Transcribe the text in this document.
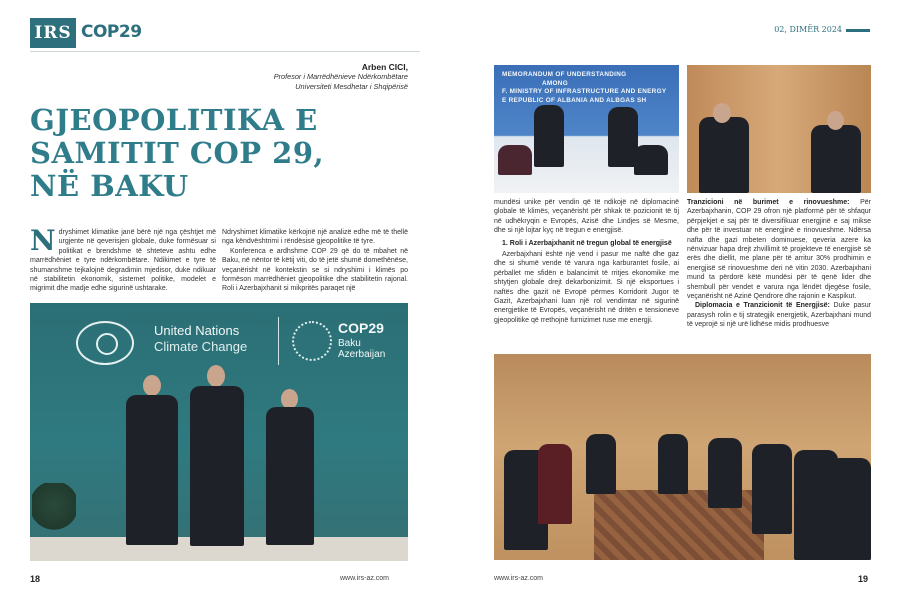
IRS COP29
Arben CICI,
Profesor i Marrëdhënieve Ndërkombëtare
Universiteti Mesdhetar i Shqipërisë
GJEOPOLITIKA E
SAMITIT COP 29,
NË BAKU

Ndryshimet klimatike janë bërë një nga çështjet më urgjente në qeverisjen globale, duke formësuar si politikat e brendshme të shteteve ashtu edhe marrëdhëniet e tyre ndërkombëtare. Ndikimet e tyre të shumanshme tejkalojnë degradimin mjedisor, duke ndikuar në stabilitetin ekonomik, sistemet politike, modelet e migrimit dhe madje edhe sigurinë ushtarake.

Ndryshimet klimatike kërkojnë një analizë edhe më të thellë nga këndvështrimi i rëndësisë gjeopolitike të tyre.

Konferenca e ardhshme COP 29 që do të mbahet në Baku, në nëntor të këtij viti, do të jetë shumë domethënëse, veçanërisht në kontekstin se si ndryshimi i klimës po formëson marrëdhëniet gjeopolitike dhe stabilitetin rajonal. Roli i Azerbajxhanit si mikpritës paraqet një

United Nations
Climate Change
COP29
Baku
Azerbaijan
18	www.irs-az.com
02, DIMËR 2024
MEMORANDUM OF UNDERSTANDING
AMONG
F. MINISTRY OF INFRASTRUCTURE AND ENERGY
E REPUBLIC OF ALBANIA AND ALBGAS SH

mundësi unike për vendin që të ndikojë në diplomacinë globale të klimës, veçanërisht për shkak të pozicionit të tij në udhëkryqin e Evropës, Azisë dhe Lindjes së Mesme, dhe si një lojtar kyç në tregun e energjisë.

1. Roli i Azerbajxhanit në tregun global të energjisë

Azerbajxhani është një vend i pasur me naftë dhe gaz dhe si shumë vende të varura nga karburantet fosile, ai përballet me sfidën e balancimit të rritjes ekonomike me shtytjen globale drejt dekarbonizimit. Si një eksportues i naftës dhe gazit në Evropë përmes Korridorit Jugor të Gazit, Azerbajxhani luan një rol vendimtar në sigurinë energjetike të Evropës, veçanërisht në dritën e tensioneve gjeopolitike që rrethojnë furnizimet ruse me energji.

Tranzicioni në burimet e rinovueshme: Për Azerbajxhanin, COP 29 ofron një platformë për të shfaqur përpjekjet e saj për të diversifikuar energjinë e saj mikse dhe për të investuar në energjinë e rinovueshme. Ndërsa nafta dhe gazi mbeten dominuese, qeveria azere ka nënvizuar hapa drejt zhvillimit të projekteve të energjisë së erës dhe diellit, me plane për të arritur 30% prodhimin e energjisë së rinovueshme deri në vitin 2030. Azerbajxhani mund ta përdorë këtë mundësi për të qenë lider dhe shembull për vendet e varura nga lëndët djegëse fosile, veçanërisht në Azinë Qendrore dhe rajonin e Kaspikut.

Diplomacia e Tranzicionit të Energjisë: Duke pasur parasysh rolin e tij strategjik energjetik, Azerbajxhani mund të veprojë si një urë lidhëse midis prodhuesve

www.irs-az.com	19
